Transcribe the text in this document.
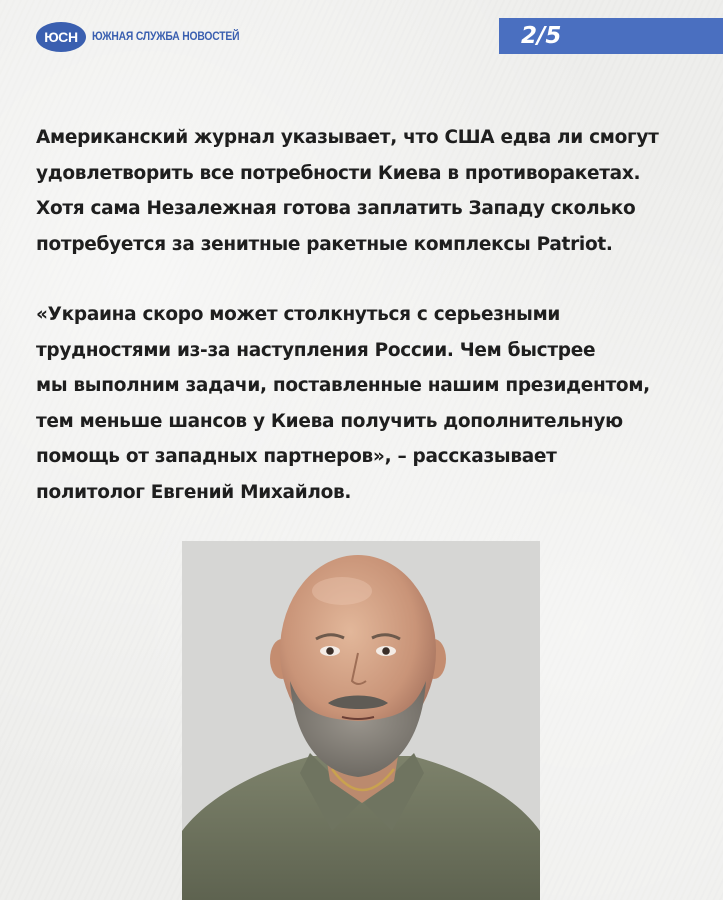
ЮСН	ЮЖНАЯ СЛУЖБА НОВОСТЕЙ	2/5

Американский журнал указывает, что США едва ли смогут
удовлетворить все потребности Киева в противоракетах.
Хотя сама Незалежная готова заплатить Западу сколько
потребуется за зенитные ракетные комплексы Patriot.

«Украина скоро может столкнуться с серьезными
трудностями из-за наступления России. Чем быстрее
мы выполним задачи, поставленные нашим президентом,
тем меньше шансов у Киева получить дополнительную
помощь от западных партнеров», – рассказывает
политолог Евгений Михайлов.
